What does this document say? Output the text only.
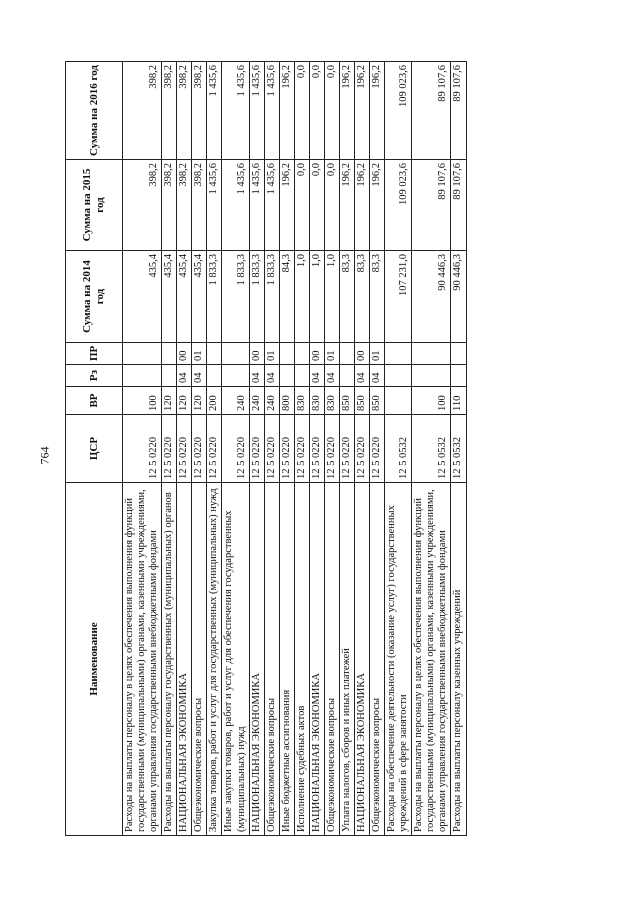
764
Наименование	ЦСР	ВР	Рз	ПР	Сумма на 2014 год	Сумма на 2015 год	Сумма на 2016 год
Расходы на выплаты персоналу в целях обеспечения выполнения функций государственными (муниципальными) органами, казенными учреждениями, органами управления государственными внебюджетными фондами	12 5 0220	100			435,4	398,2	398,2
Расходы на выплаты персоналу государственных (муниципальных) органов	12 5 0220	120			435,4	398,2	398,2
НАЦИОНАЛЬНАЯ ЭКОНОМИКА	12 5 0220	120	04	00	435,4	398,2	398,2
Общеэкономические вопросы	12 5 0220	120	04	01	435,4	398,2	398,2
Закупка товаров, работ и услуг для государственных (муниципальных) нужд	12 5 0220	200			1 833,3	1 435,6	1 435,6
Иные закупки товаров, работ и услуг для обеспечения государственных (муниципальных) нужд	12 5 0220	240			1 833,3	1 435,6	1 435,6
НАЦИОНАЛЬНАЯ ЭКОНОМИКА	12 5 0220	240	04	00	1 833,3	1 435,6	1 435,6
Общеэкономические вопросы	12 5 0220	240	04	01	1 833,3	1 435,6	1 435,6
Иные бюджетные ассигнования	12 5 0220	800			84,3	196,2	196,2
Исполнение судебных актов	12 5 0220	830			1,0	0,0	0,0
НАЦИОНАЛЬНАЯ ЭКОНОМИКА	12 5 0220	830	04	00	1,0	0,0	0,0
Общеэкономические вопросы	12 5 0220	830	04	01	1,0	0,0	0,0
Уплата налогов, сборов и иных платежей	12 5 0220	850			83,3	196,2	196,2
НАЦИОНАЛЬНАЯ ЭКОНОМИКА	12 5 0220	850	04	00	83,3	196,2	196,2
Общеэкономические вопросы	12 5 0220	850	04	01	83,3	196,2	196,2
Расходы на обеспечение деятельности (оказание услуг) государственных учреждений в сфере занятости	12 5 0532				107 231,0	109 023,6	109 023,6
Расходы на выплаты персоналу в целях обеспечения выполнения функций государственными (муниципальными) органами, казенными учреждениями, органами управления государственными внебюджетными фондами	12 5 0532	100			90 446,3	89 107,6	89 107,6
Расходы на выплаты персоналу казенных учреждений	12 5 0532	110			90 446,3	89 107,6	89 107,6
